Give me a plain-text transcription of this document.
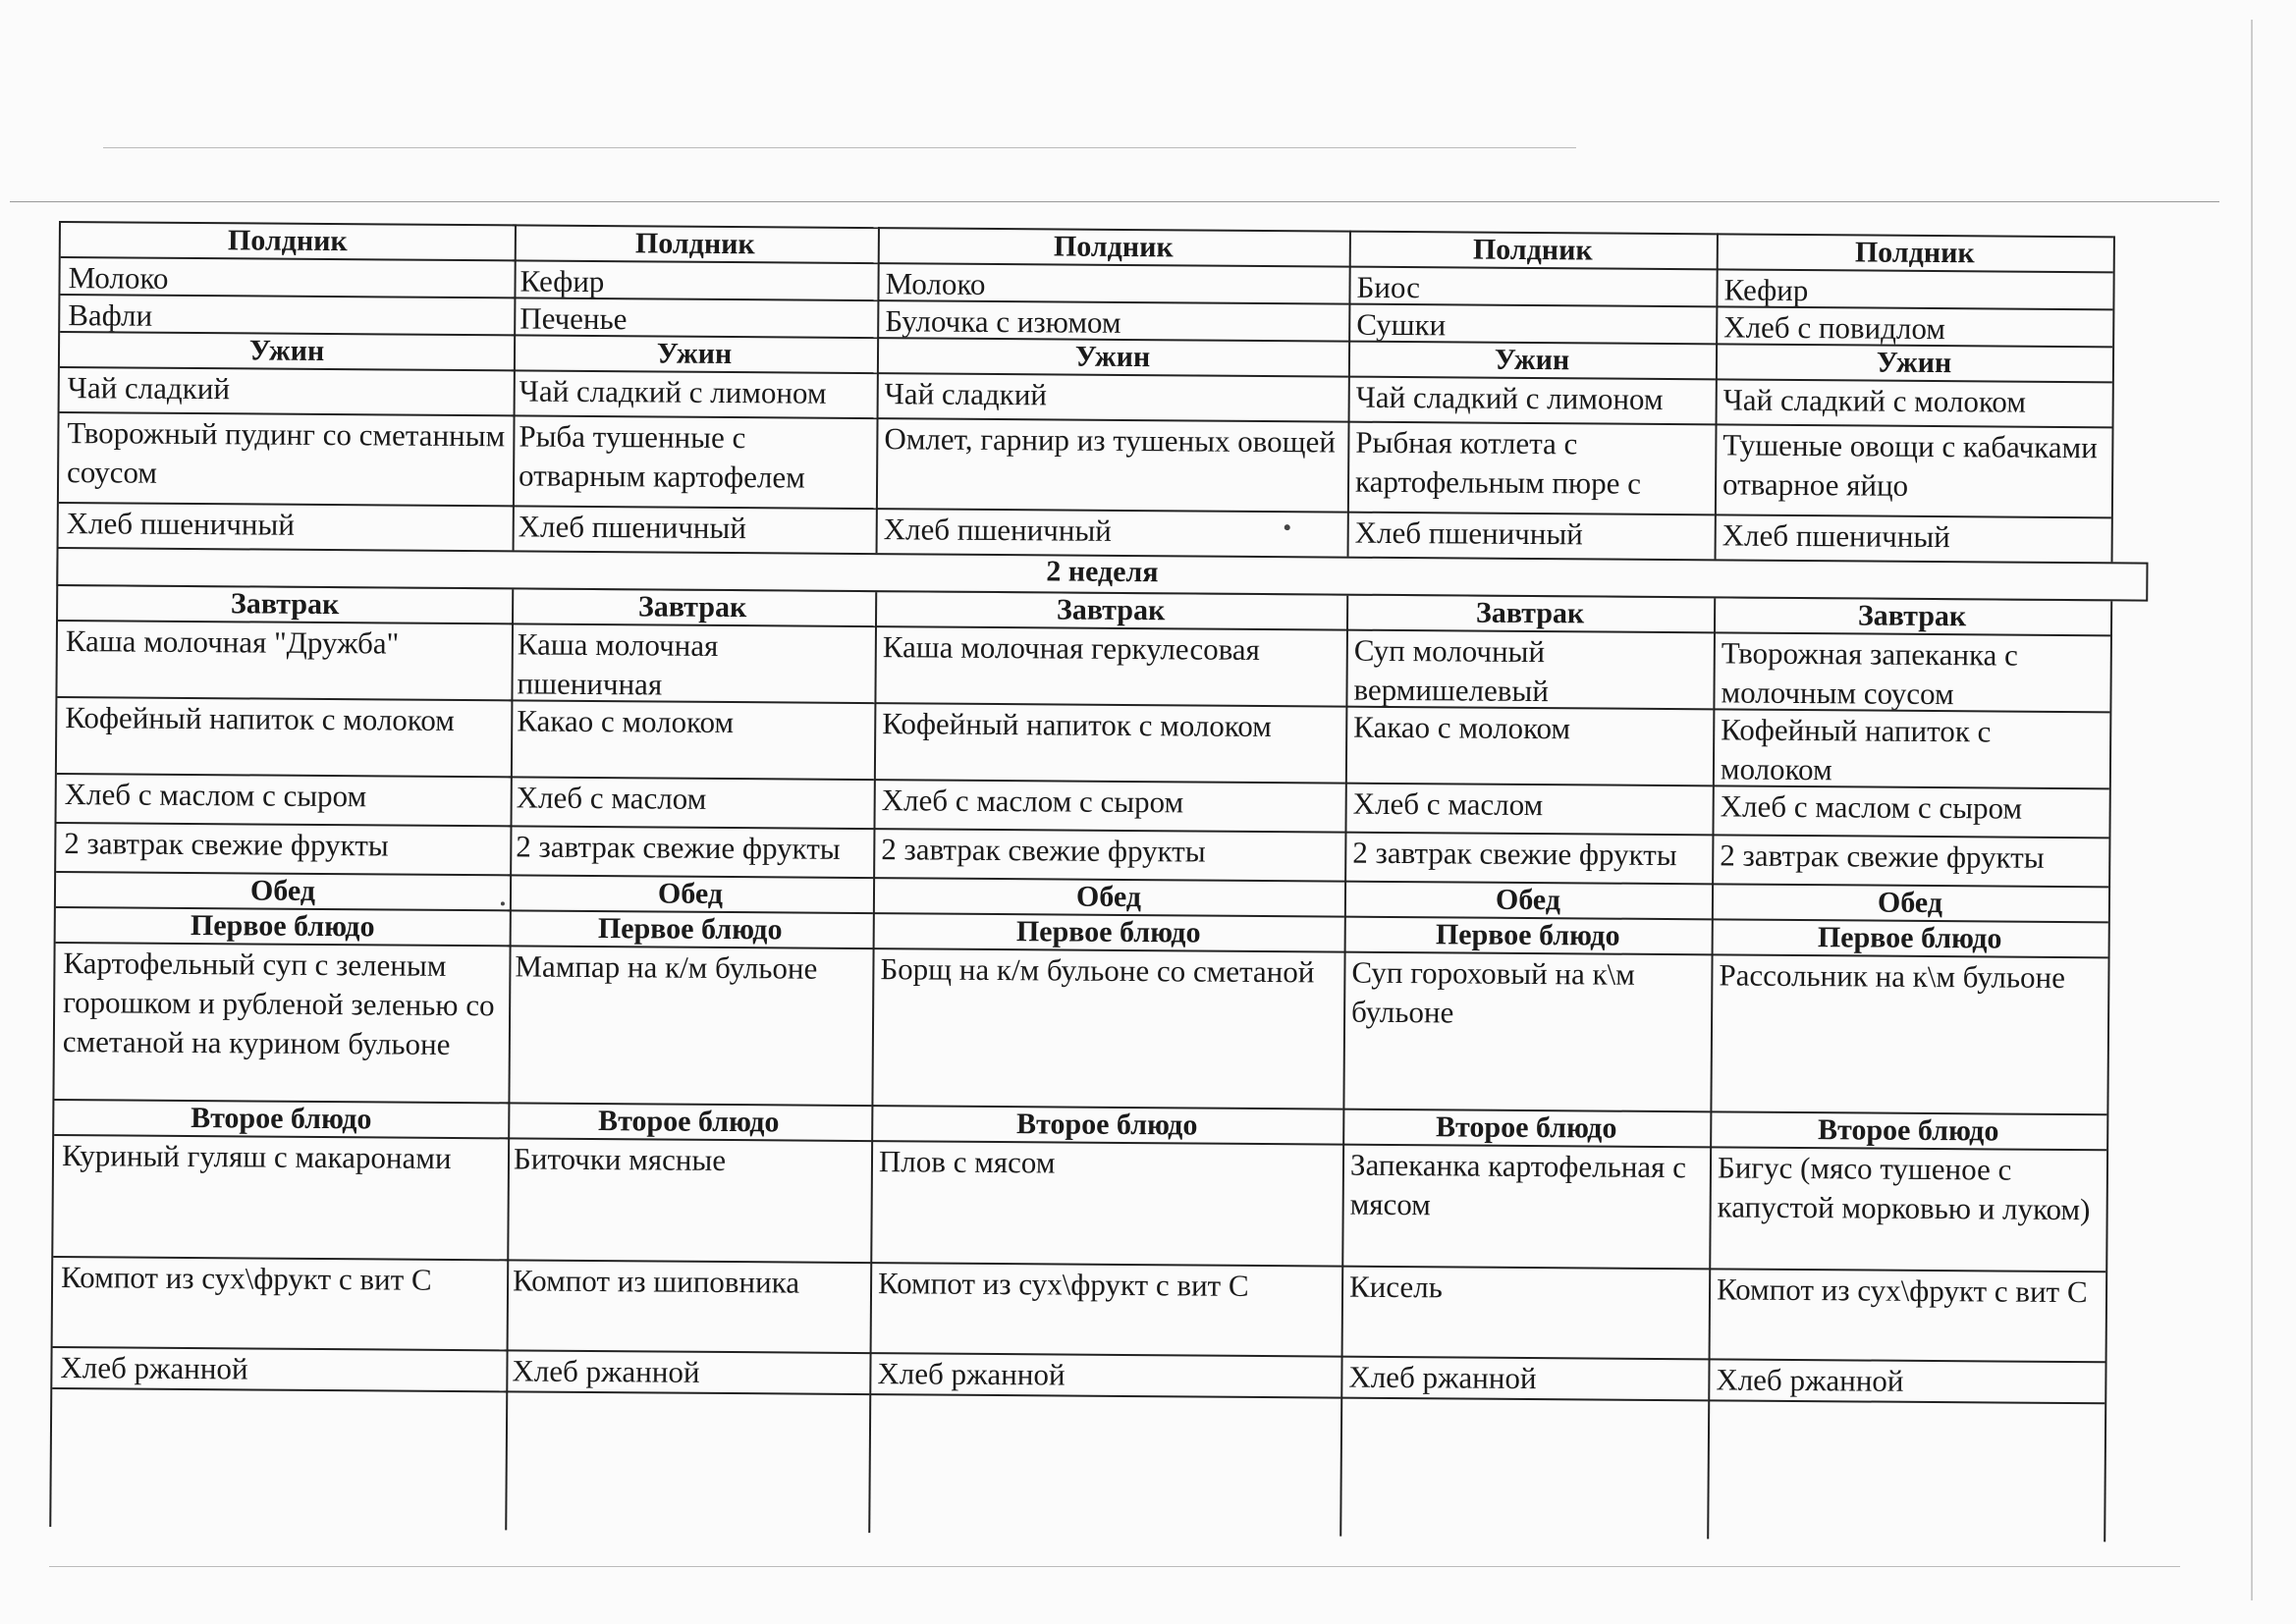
Полдник
Молоко
Вафли
Ужин
Чай сладкий
Творожный пудинг со сметанным соусом
Хлеб пшеничный
Завтрак
Каша молочная "Дружба"
Кофейный напиток с молоком
Хлеб с маслом с сыром
2 завтрак свежие фрукты
Обед
Первое блюдо
Картофельный суп с зеленым горошком и рубленой зеленью со сметаной на курином бульоне
Второе блюдо
Куриный гуляш с макаронами
Компот из сух\фрукт с вит С
Хлеб ржанной
Полдник
Кефир
Печенье
Ужин
Чай сладкий с лимоном
Рыба тушенные с отварным картофелем
Хлеб пшеничный
Завтрак
Каша молочная пшеничная
Какао с молоком
Хлеб с маслом
2 завтрак свежие фрукты
Обед
Первое блюдо
Мампар на к/м бульоне
Второе блюдо
Биточки мясные
Компот из шиповника
Хлеб ржанной
Полдник
Молоко
Булочка с изюмом
Ужин
Чай сладкий
Омлет, гарнир из тушеных овощей
Хлеб пшеничный
Завтрак
Каша молочная геркулесовая
Кофейный напиток с молоком
Хлеб с маслом с сыром
2 завтрак свежие фрукты
Обед
Первое блюдо
Борщ на к/м бульоне со сметаной
Второе блюдо
Плов с мясом
Компот из сух\фрукт с вит С
Хлеб ржанной
Полдник
Биос
Сушки
Ужин
Чай сладкий с лимоном
Рыбная котлета с картофельным пюре с
Хлеб пшеничный
Завтрак
Суп молочный вермишелевый
Какао с молоком
Хлеб с маслом
2 завтрак свежие фрукты
Обед
Первое блюдо
Суп гороховый на к\м бульоне
Второе блюдо
Запеканка картофельная с мясом
Кисель
Хлеб ржанной
Полдник
Кефир
Хлеб с повидлом
Ужин
Чай сладкий с молоком
Тушеные овощи с кабачками отварное яйцо
Хлеб пшеничный
Завтрак
Творожная запеканка с молочным соусом
Кофейный напиток с молоком
Хлеб с маслом с сыром
2 завтрак свежие фрукты
Обед
Первое блюдо
Рассольник на к\м бульоне
Второе блюдо
Бигус (мясо тушеное с капустой морковью и луком)
Компот из сух\фрукт с вит С
Хлеб ржанной
2 неделя
